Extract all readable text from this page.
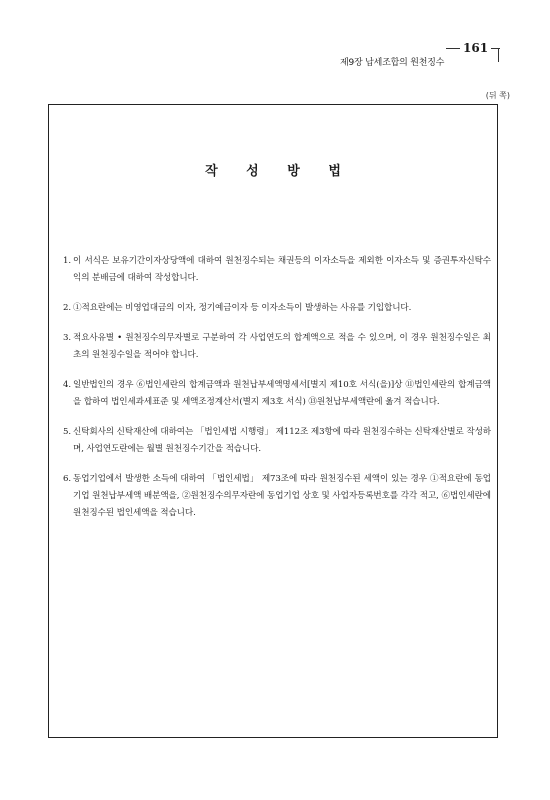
161
제9장 납세조합의 원천징수
(뒤 쪽)
작 성 방 법
1. 이 서식은 보유기간이자상당액에 대하여 원천징수되는 채권등의 이자소득을 제외한 이자소득 및 증권투자신탁수익의 분배금에 대하여 작성합니다.
2. ①적요란에는 비영업대금의 이자, 정기예금이자 등 이자소득이 발생하는 사유를 기입합니다.
3. 적요사유별 • 원천징수의무자별로 구분하여 각 사업연도의 합계액으로 적을 수 있으며, 이 경우 원천징수일은 최초의 원천징수일을 적어야 합니다.
4. 일반법인의 경우 ⑥법인세란의 합계금액과 원천납부세액명세서[별지 제10호 서식(을)]상 ⑪법인세란의 합계금액을 합하여 법인세과세표준 및 세액조정계산서(별지 제3호 서식) ⑬원천납부세액란에 옮겨 적습니다.
5. 신탁회사의 신탁재산에 대하여는 「법인세법 시행령」 제112조 제3항에 따라 원천징수하는 신탁재산별로 작성하며, 사업연도란에는 월별 원천징수기간을 적습니다.
6. 동업기업에서 발생한 소득에 대하여 「법인세법」 제73조에 따라 원천징수된 세액이 있는 경우 ①적요란에 동업기업 원천납부세액 배분액을, ②원천징수의무자란에 동업기업 상호 및 사업자등록번호를 각각 적고, ⑥법인세란에 원천징수된 법인세액을 적습니다.
